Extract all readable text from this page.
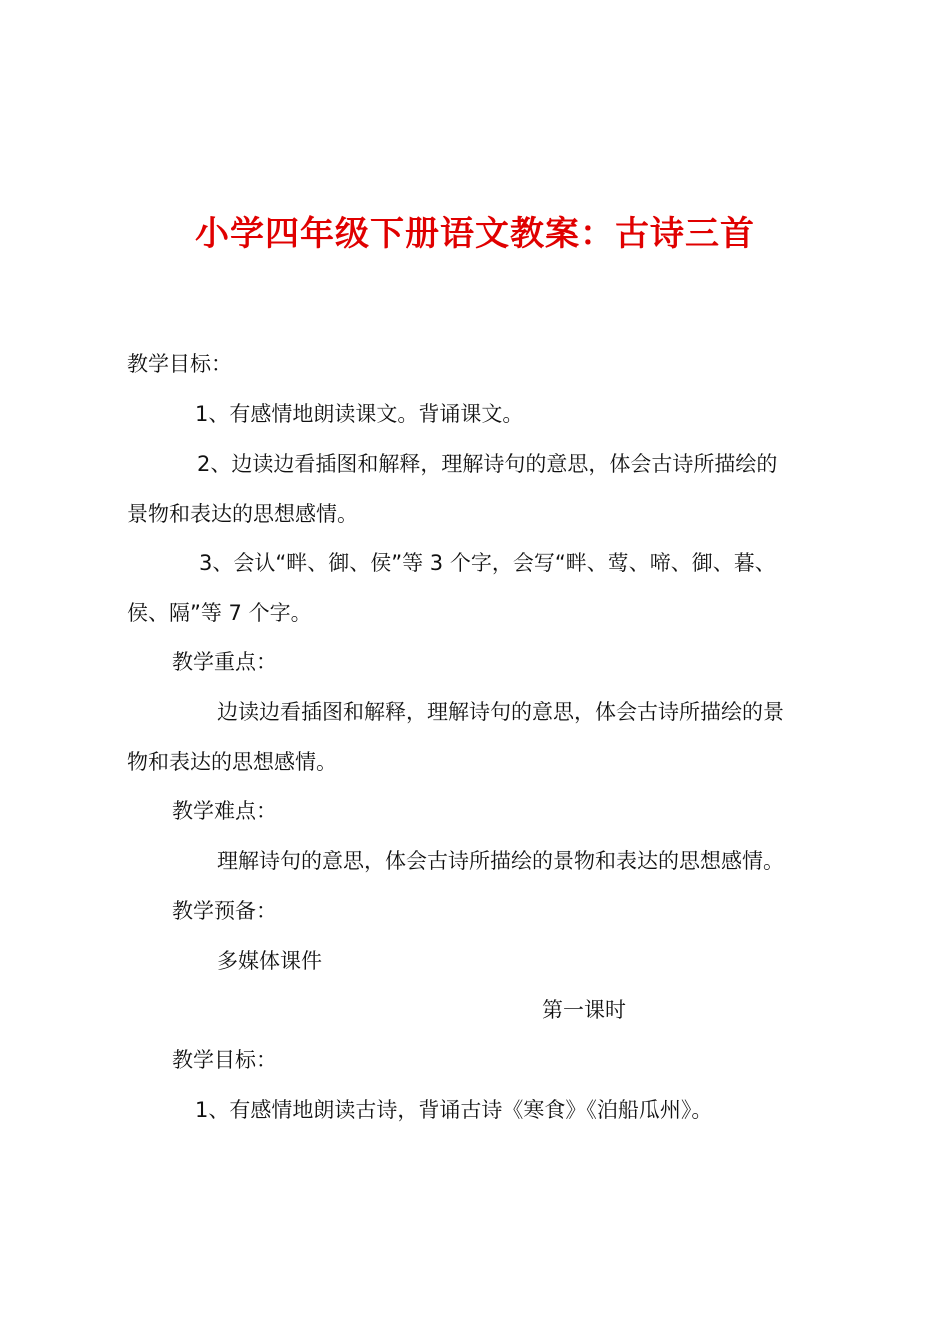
小学四年级下册语文教案：古诗三首
教学目标：
1、有感情地朗读课文。背诵课文。
2、边读边看插图和解释，理解诗句的意思，体会古诗所描绘的
景物和表达的思想感情。
3、会认“畔、御、侯”等 3 个字，会写“畔、莺、啼、御、暮、
侯、隔”等 7 个字。
教学重点：
边读边看插图和解释，理解诗句的意思，体会古诗所描绘的景
物和表达的思想感情。
教学难点：
理解诗句的意思，体会古诗所描绘的景物和表达的思想感情。
教学预备：
多媒体课件
第一课时
教学目标：
1、有感情地朗读古诗，背诵古诗《寒食》《泊船瓜州》。
